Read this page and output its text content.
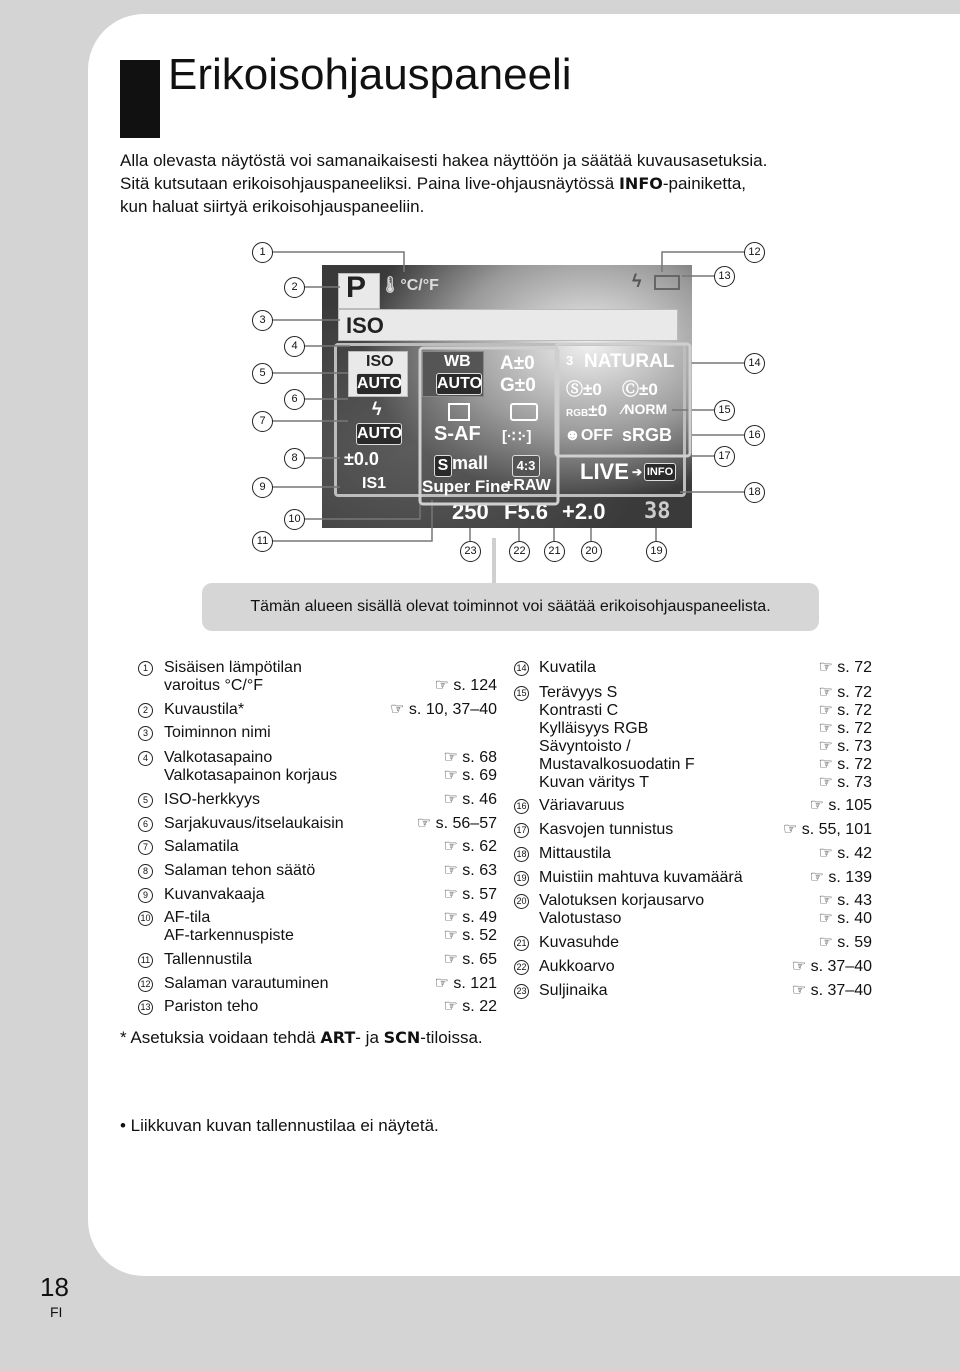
Erikoisohjauspaneeli
Alla olevasta näytöstä voi samanaikaisesti hakea näyttöön ja säätää kuvausasetuksia.
Sitä kutsutaan erikoisohjauspaneeliksi. Paina live-ohjausnäytössä INFO-painiketta,
kun haluat siirtyä erikoisohjauspaneeliin.
P 🌡°C/°F	ϟ
ISO
ISO
AUTO
ϟ
AUTO
±0.0
IS1
WB
AUTO
A±0
G±0
S-AF [·∷·]
S mall	4:3
Super Fine
+RAW
3 NATURAL
Ⓢ±0 Ⓒ±0
RGB±0 ⁄NORM
☻OFF sRGB
LIVE ➔ INFO
250 F5.6 +2.0 38
1
2
3
4
5
6
7
8
9
10
11
12
13
14
15
16
17
18
19
20
21
22
23
Tämän alueen sisällä olevat toiminnot voi säätää erikoisohjauspaneelista.
1	Sisäisen lämpötilan
varoitus °C/°F	☞ s. 124
2	Kuvaustila*	☞ s. 10, 37–40
3	Toiminnon nimi
4	Valkotasapaino	☞ s. 68
Valkotasapainon korjaus	☞ s. 69
5	ISO-herkkyys	☞ s. 46
6	Sarjakuvaus/itselaukaisin	☞ s. 56–57
7	Salamatila	☞ s. 62
8	Salaman tehon säätö	☞ s. 63
9	Kuvanvakaaja	☞ s. 57
10 AF-tila	☞ s. 49
AF-tarkennuspiste	☞ s. 52
11 Tallennustila	☞ s. 65
12 Salaman varautuminen	☞ s. 121
13 Pariston teho	☞ s. 22
14 Kuvatila	☞ s. 72
15 Terävyys S	☞ s. 72
Kontrasti C	☞ s. 72
Kylläisyys RGB	☞ s. 72
Sävyntoisto /	☞ s. 73
Mustavalkosuodatin F	☞ s. 72
Kuvan väritys T	☞ s. 73
16 Väriavaruus	☞ s. 105
17 Kasvojen tunnistus	☞ s. 55, 101
18 Mittaustila	☞ s. 42
19 Muistiin mahtuva kuvamäärä	☞ s. 139
20 Valotuksen korjausarvo	☞ s. 43
Valotustaso	☞ s. 40
21 Kuvasuhde	☞ s. 59
22 Aukkoarvo	☞ s. 37–40
23 Suljinaika	☞ s. 37–40
* Asetuksia voidaan tehdä ART- ja SCN-tiloissa.
• Liikkuvan kuvan tallennustilaa ei näytetä.
18
FI
